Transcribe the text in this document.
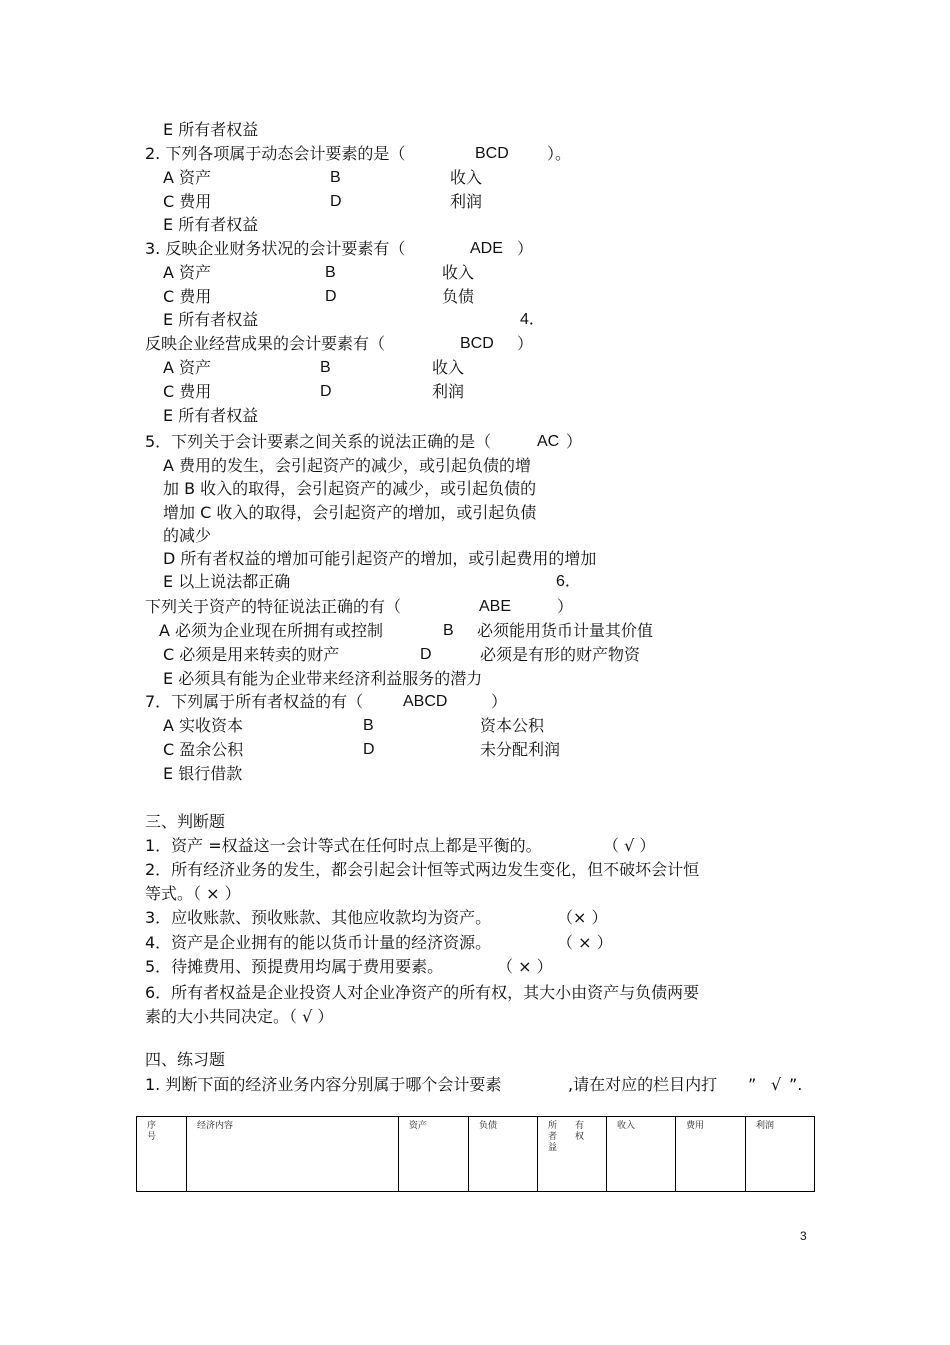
E 所有者权益
2. 下列各项属于动态会计要素的是（	BCD ）。
A 资产	B	收入
C 费用	D	利润
E 所有者权益
3. 反映企业财务状况的会计要素有（	ADE ）
A 资产	B	收入
C 费用	D	负债
E 所有者权益	4．
反映企业经营成果的会计要素有（	BCD ）
A 资产	B	收入
C 费用	D	利润
E 所有者权益
5．下列关于会计要素之间关系的说法正确的是（	AC ）
A 费用的发生，会引起资产的减少，或引起负债的增
加 B 收入的取得，会引起资产的减少，或引起负债的
增加 C 收入的取得，会引起资产的增加，或引起负债
的减少
D 所有者权益的增加可能引起资产的增加，或引起费用的增加
E 以上说法都正确	6．
下列关于资产的特征说法正确的有（	ABE	）
A 必须为企业现在所拥有或控制	B 必须能用货币计量其价值
C 必须是用来转卖的财产	D	必须是有形的财产物资
E 必须具有能为企业带来经济利益服务的潜力
7．下列属于所有者权益的有（ ABCD	）
A 实收资本	B	资本公积
C 盈余公积	D	未分配利润
E 银行借款
三、判断题
1．资产 =权益这一会计等式在任何时点上都是平衡的。	（ √ ）
2．所有经济业务的发生，都会引起会计恒等式两边发生变化，但不破坏会计恒
等式。（ × ）
3．应收账款、预收账款、其他应收款均为资产。	（× ）
4．资产是企业拥有的能以货币计量的经济资源。	（ × ）
5．待摊费用、预提费用均属于费用要素。	（ × ）
6．所有者权益是企业投资人对企业净资产的所有权，其大小由资产与负债两要
素的大小共同决定。（ √ ）
四、练习题
1. 判断下面的经济业务内容分别属于哪个会计要素	,请在对应的栏目内打 ” √ ”.
序
号	经济内容	资产	负债	所　　有
者　　权
益	收入	费用	利润
3
